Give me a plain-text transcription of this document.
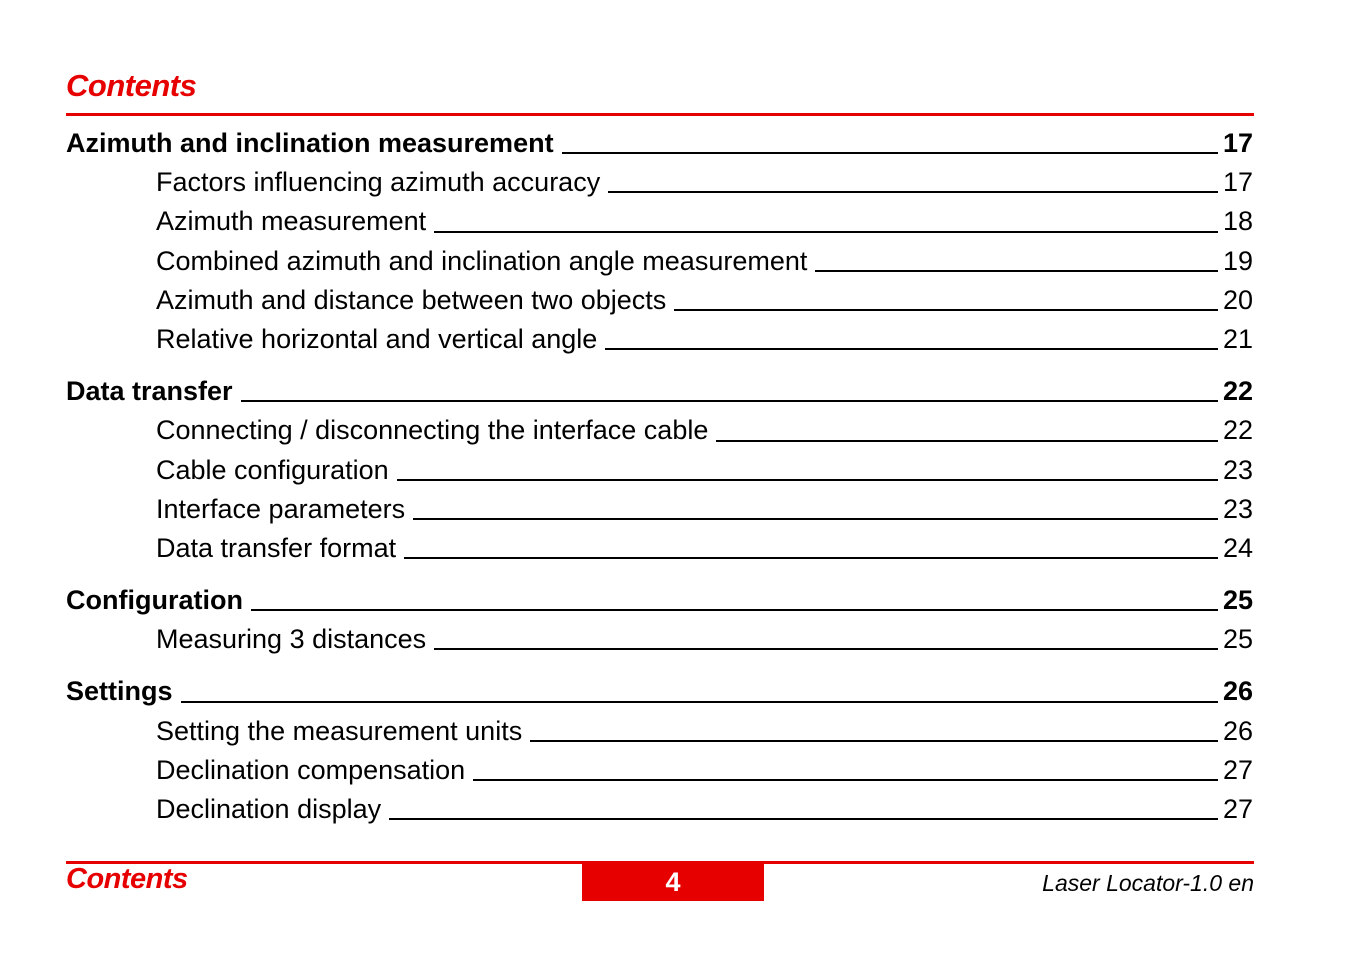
Contents
Azimuth and inclination measurement	17
Factors influencing azimuth accuracy	17
Azimuth measurement	18
Combined azimuth and inclination angle measurement	19
Azimuth and distance between two objects	20
Relative horizontal and vertical angle	21
Data transfer	22
Connecting / disconnecting the interface cable	22
Cable configuration	23
Interface parameters	23
Data transfer format	24
Configuration	25
Measuring 3 distances	25
Settings	26
Setting the measurement units	26
Declination compensation	27
Declination display	27
Contents	4	Laser Locator-1.0 en
